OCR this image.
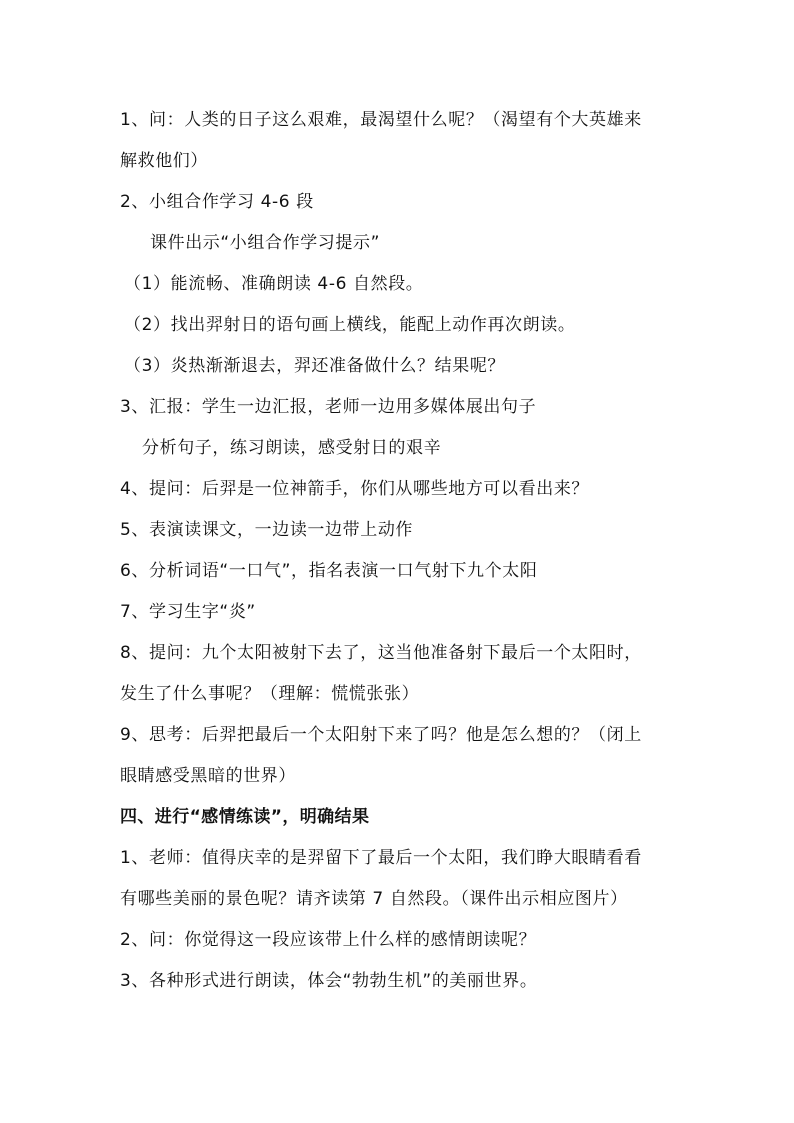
1、问：人类的日子这么艰难，最渴望什么呢？（渴望有个大英雄来
解救他们）
2、小组合作学习 4-6 段
课件出示“小组合作学习提示”
（1）能流畅、准确朗读 4-6 自然段。
（2）找出羿射日的语句画上横线，能配上动作再次朗读。
（3）炎热渐渐退去，羿还准备做什么？结果呢？
3、汇报：学生一边汇报，老师一边用多媒体展出句子
分析句子，练习朗读，感受射日的艰辛
4、提问：后羿是一位神箭手，你们从哪些地方可以看出来？
5、表演读课文，一边读一边带上动作
6、分析词语“一口气”，指名表演一口气射下九个太阳
7、学习生字“炎”
8、提问：九个太阳被射下去了，这当他准备射下最后一个太阳时，
发生了什么事呢？（理解：慌慌张张）
9、思考：后羿把最后一个太阳射下来了吗？他是怎么想的？（闭上
眼睛感受黑暗的世界）
四、进行“感情练读”，明确结果
1、老师：值得庆幸的是羿留下了最后一个太阳，我们睁大眼睛看看
有哪些美丽的景色呢？请齐读第 7 自然段。（课件出示相应图片）
2、问：你觉得这一段应该带上什么样的感情朗读呢？
3、各种形式进行朗读，体会“勃勃生机”的美丽世界。
